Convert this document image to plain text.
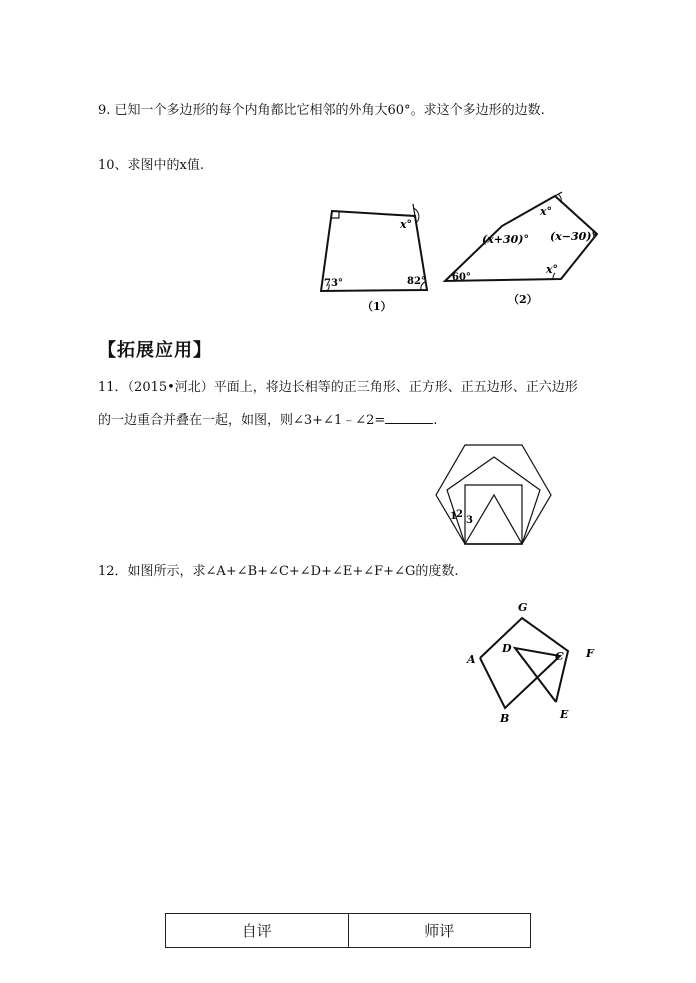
9. 已知一个多边形的每个内角都比它相邻的外角大60°。求这个多边形的边数.
10、求图中的x值.
x°
73°	82°
（1）
x°
(x+30)° (x−30)°
x°
60°
（2）
【拓展应用】
11．（2015•河北）平面上，将边长相等的正三角形、正方形、正五边形、正六边形
的一边重合并叠在一起，如图，则∠3+∠1﹣∠2=	.
1 2
3
12．如图所示，求∠A+∠B+∠C+∠D+∠E+∠F+∠G的度数.
G
A
D
C F
B	E
自评	师评
